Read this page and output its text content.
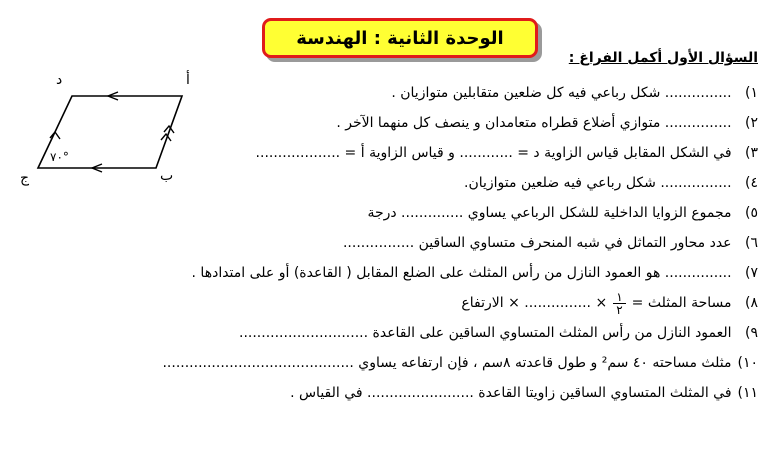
الوحدة الثانية : الهندسة
السؤال الأول أكمل الفراغ :
١) ............... شكل رباعي فيه كل ضلعين متقابلين متوازيان .
٢) ............... متوازي أضلاع قطراه متعامدان و ينصف كل منهما الآخر .
٣) في الشكل المقابل قياس الزاوية د = ............ و قياس الزاوية أ = ...................
٤) ................ شكل رباعي فيه ضلعين متوازيان.
٥) مجموع الزوايا الداخلية للشكل الرباعي يساوي .............. درجة
٦) عدد محاور التماثل في شبه المنحرف متساوي الساقين ................
٧) ............... هو العمود النازل من رأس المثلث على الضلع المقابل ( القاعدة) أو على امتدادها .
٨) مساحة المثلث =
$\frac{١}{٢}$
× ............... × الارتفاع
٩) العمود النازل من رأس المثلث المتساوي الساقين على القاعدة .............................
١٠) مثلث مساحته ٤٠ سم² و طول قاعدته ٨سم ، فإن ارتفاعه يساوي ...........................................
١١) في المثلث المتساوي الساقين زاويتا القاعدة ........................ في القياس .
د	أ
ب
ج
٧٠°
